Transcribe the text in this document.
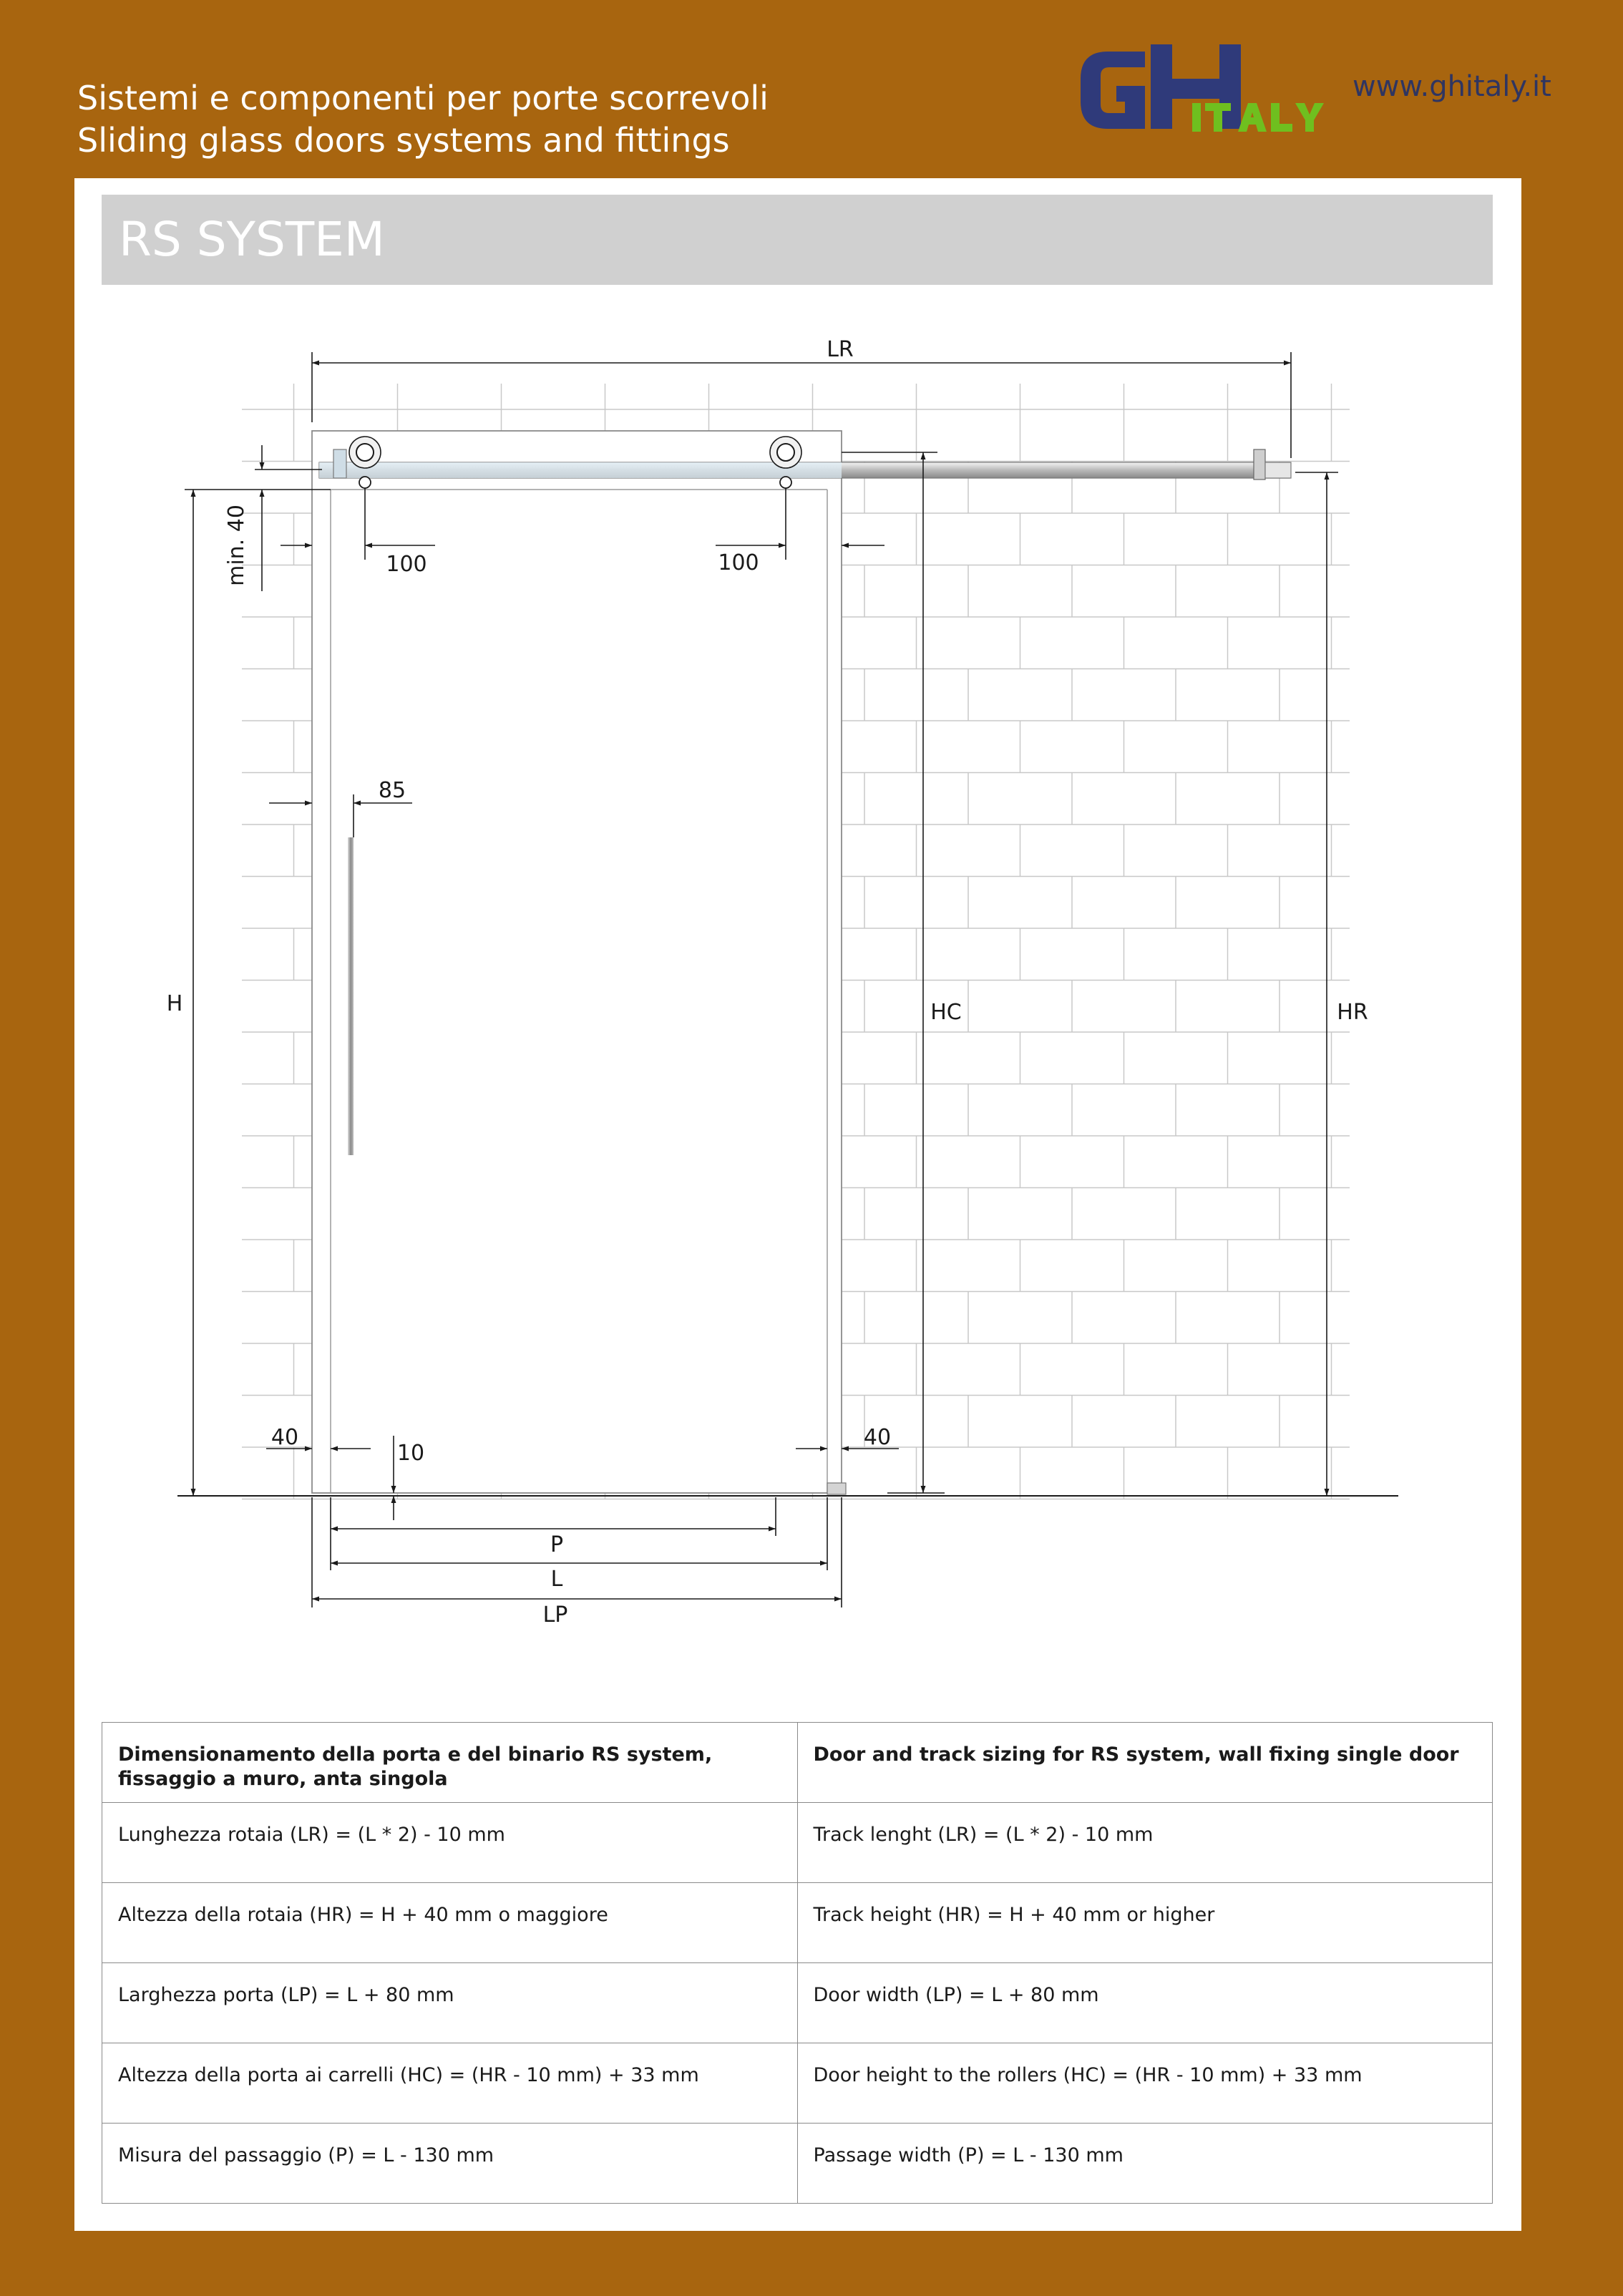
Sistemi e componenti per porte scorrevoli
Sliding glass doors systems and fittings
www.ghitaly.it
RS SYSTEM
LR
min. 40	100	100
85
H	HC	HR
40
10
40
P
L
LP
Dimensionamento della porta e del binario RS system, fissaggio a muro, anta singola	Door and track sizing for RS system, wall fixing single door
Lunghezza rotaia (LR) = (L * 2) - 10 mm	Track lenght (LR) = (L * 2) - 10 mm
Altezza della rotaia (HR) = H + 40 mm o maggiore	Track height (HR) = H + 40 mm or higher
Larghezza porta (LP) = L + 80 mm	Door width (LP) = L + 80 mm
Altezza della porta ai carrelli (HC) = (HR - 10 mm) + 33 mm	Door height to the rollers (HC) = (HR - 10 mm) + 33 mm
Misura del passaggio (P) = L - 130 mm	Passage width (P) = L - 130 mm
